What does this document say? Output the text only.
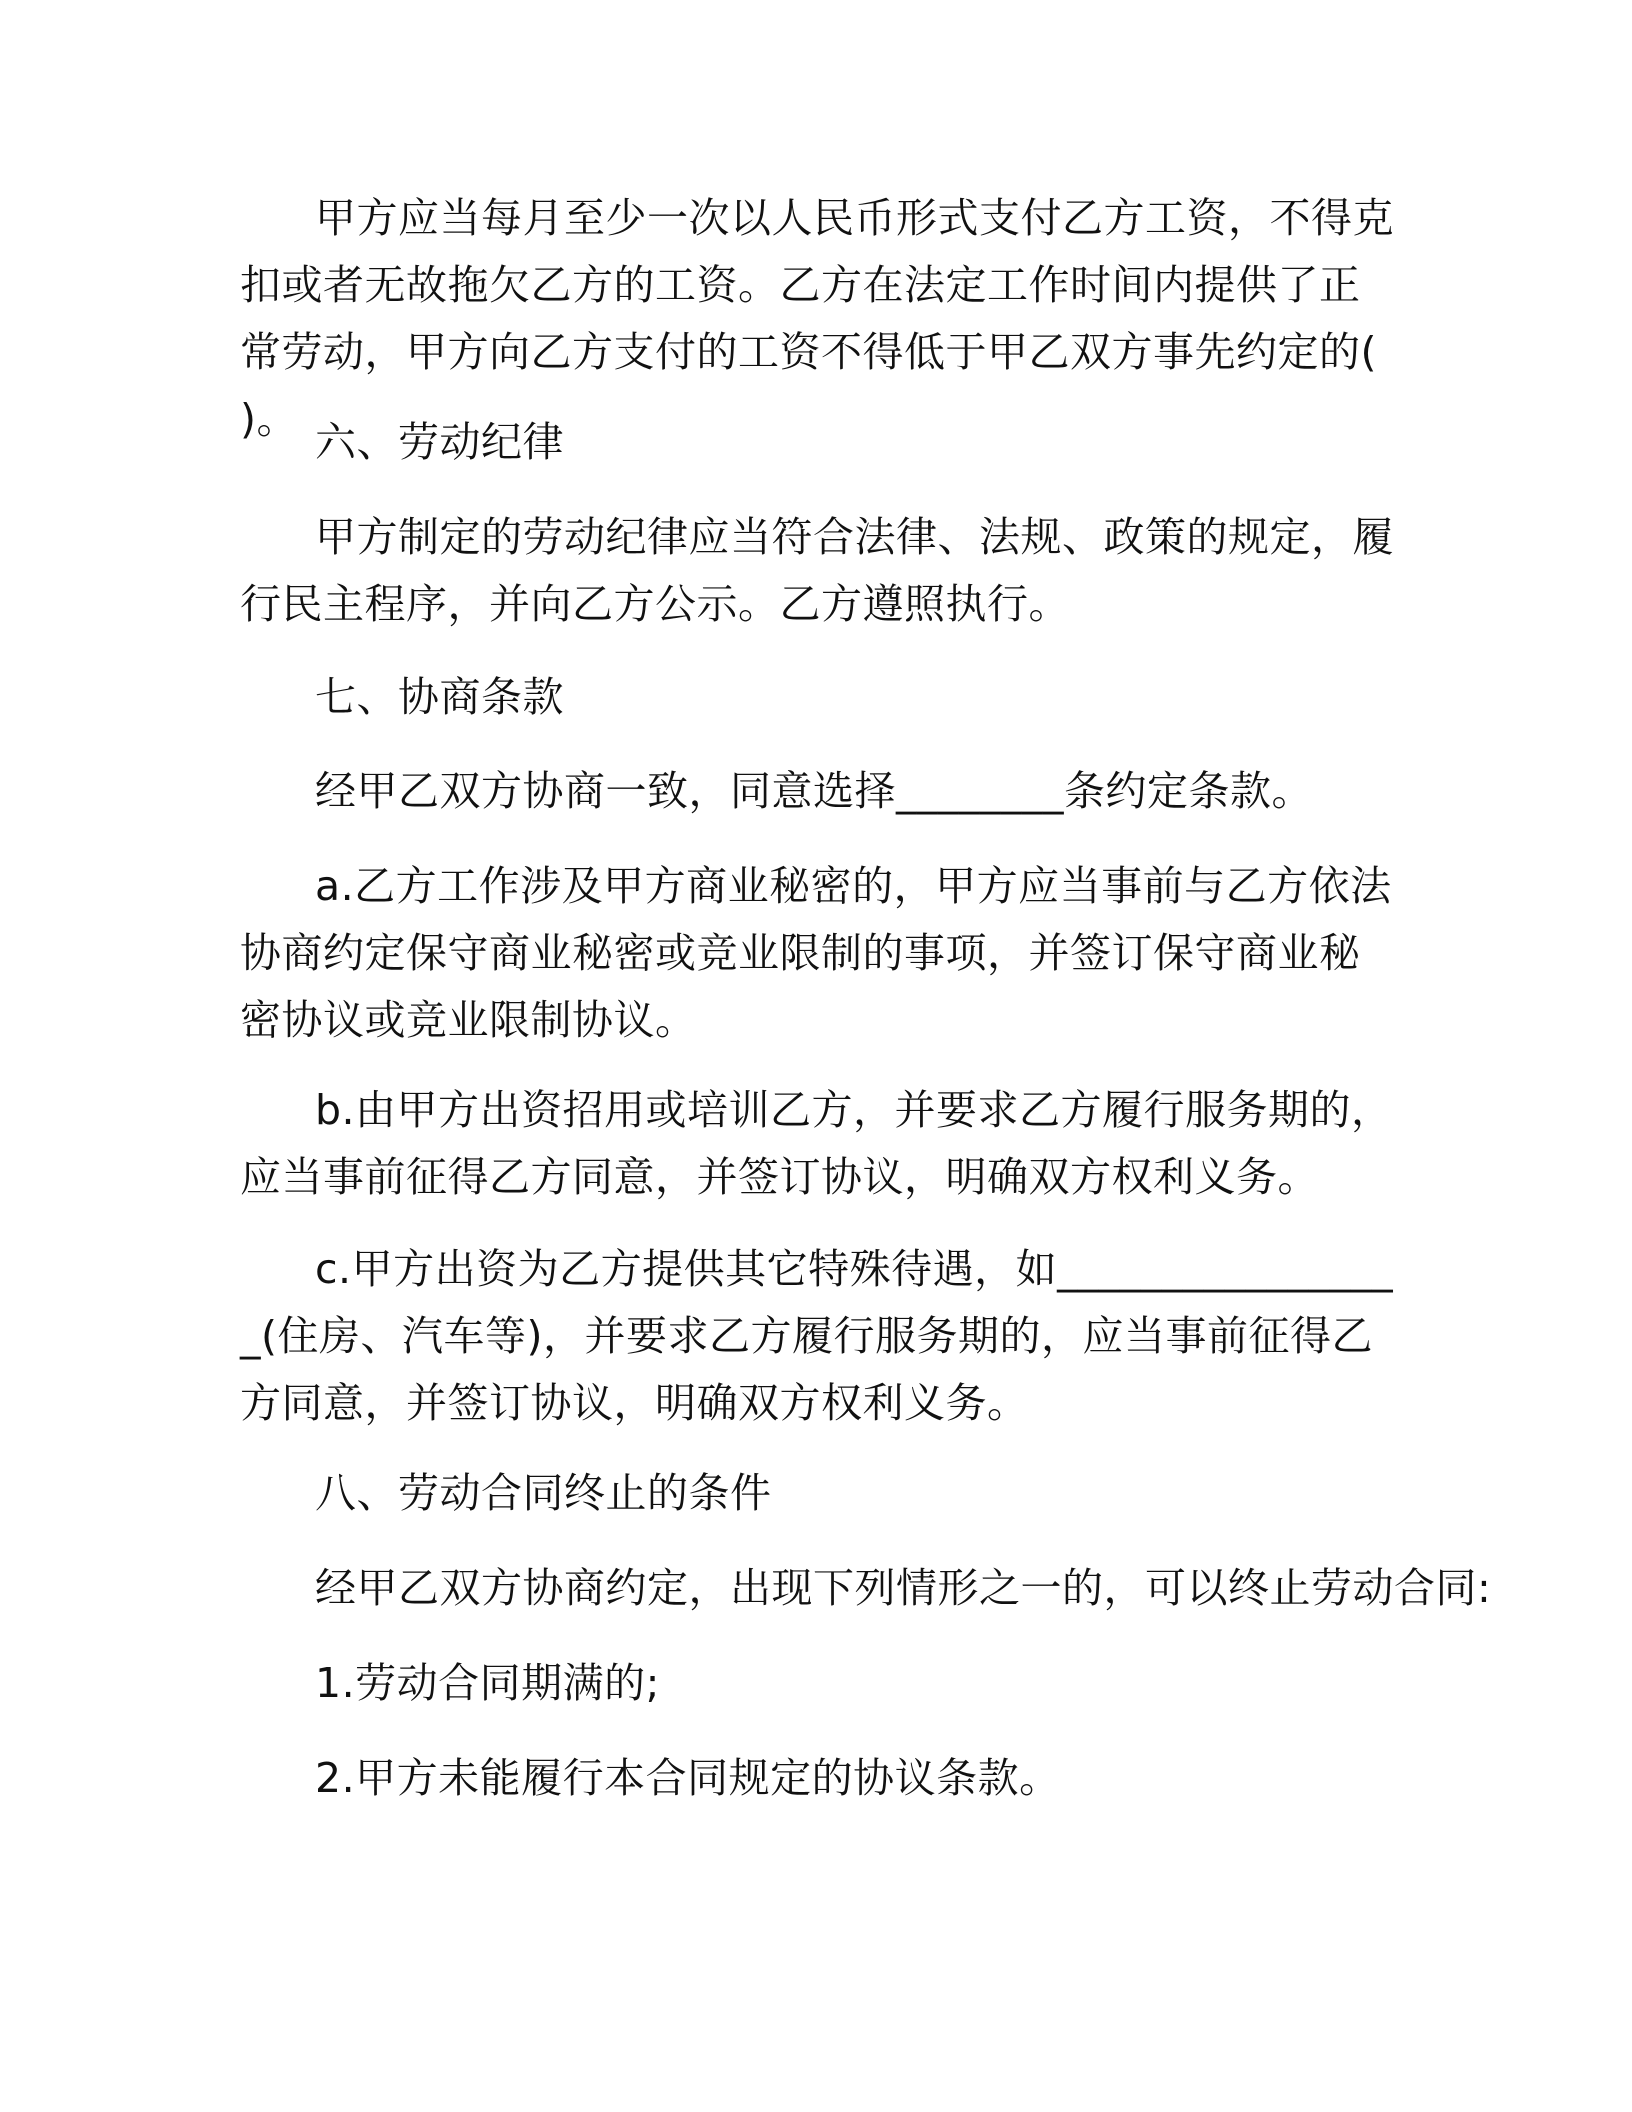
甲方应当每月至少一次以人民币形式支付乙方工资，不得克扣或者无故拖欠乙方的工资。乙方在法定工作时间内提供了正常劳动，甲方向乙方支付的工资不得低于甲乙双方事先约定的( )。 六、劳动纪律

甲方制定的劳动纪律应当符合法律、法规、政策的规定，履行民主程序，并向乙方公示。乙方遵照执行。

七、协商条款

经甲乙双方协商一致，同意选择________条约定条款。

a.乙方工作涉及甲方商业秘密的，甲方应当事前与乙方依法协商约定保守商业秘密或竞业限制的事项，并签订保守商业秘密协议或竞业限制协议。

b.由甲方出资招用或培训乙方，并要求乙方履行服务期的，应当事前征得乙方同意，并签订协议，明确双方权利义务。

c.甲方出资为乙方提供其它特殊待遇，如_________________(住房、汽车等)，并要求乙方履行服务期的，应当事前征得乙方同意，并签订协议，明确双方权利义务。

八、劳动合同终止的条件

经甲乙双方协商约定，出现下列情形之一的，可以终止劳动合同:

1.劳动合同期满的;

2.甲方未能履行本合同规定的协议条款。
